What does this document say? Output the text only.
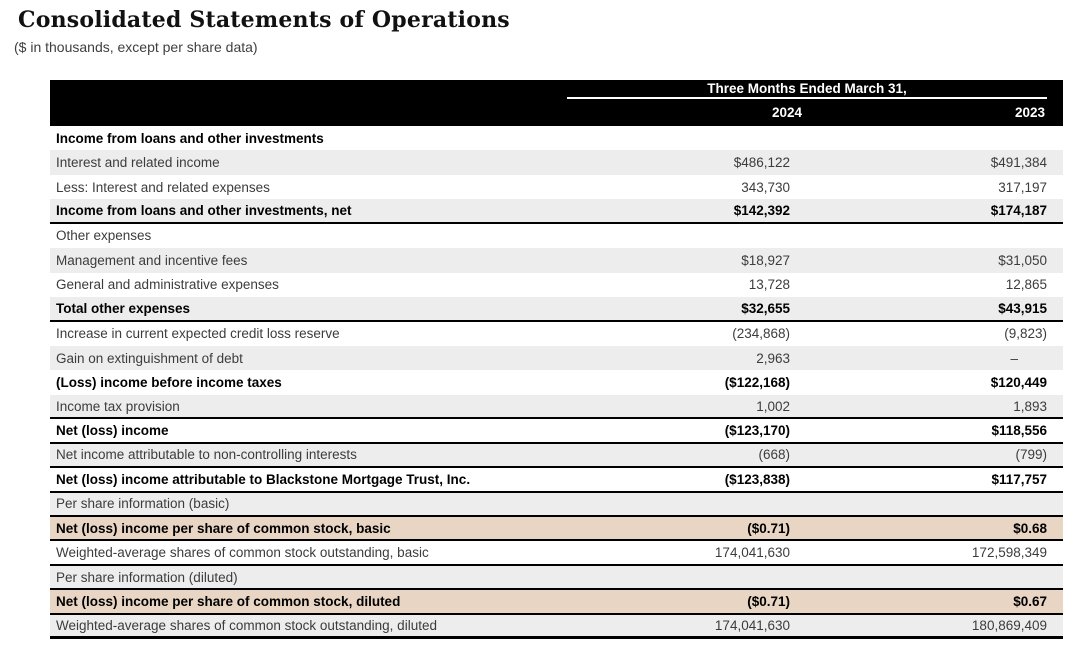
Consolidated Statements of Operations
($ in thousands, except per share data)
Three Months Ended March 31,
2024	2023
Income from loans and other investments
Interest and related income	$486,122	$491,384
Less: Interest and related expenses	343,730	317,197
Income from loans and other investments, net	$142,392	$174,187
Other expenses
Management and incentive fees	$18,927	$31,050
General and administrative expenses	13,728	12,865
Total other expenses	$32,655	$43,915
Increase in current expected credit loss reserve	(234,868)	(9,823)
Gain on extinguishment of debt	2,963	–
(Loss) income before income taxes	($122,168)	$120,449
Income tax provision	1,002	1,893
Net (loss) income	($123,170)	$118,556
Net income attributable to non-controlling interests	(668)	(799)
Net (loss) income attributable to Blackstone Mortgage Trust, Inc.	($123,838)	$117,757
Per share information (basic)
Net (loss) income per share of common stock, basic	($0.71)	$0.68
Weighted-average shares of common stock outstanding, basic	174,041,630	172,598,349
Per share information (diluted)
Net (loss) income per share of common stock, diluted	($0.71)	$0.67
Weighted-average shares of common stock outstanding, diluted	174,041,630	180,869,409
